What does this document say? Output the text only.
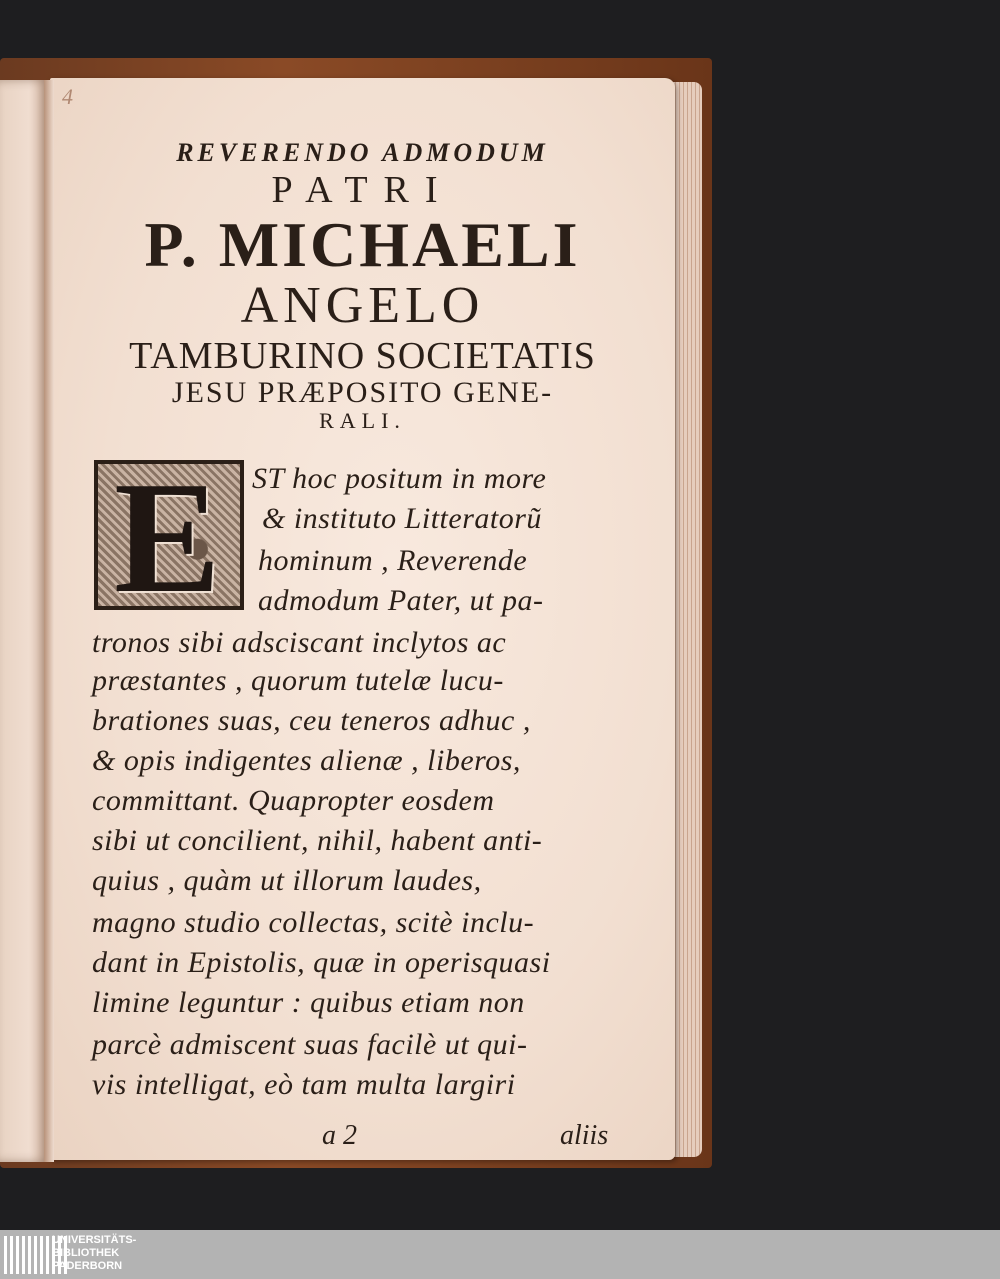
4
REVERENDO ADMODUM
PATRI
P. MICHAELI
ANGELO
TAMBURINO SOCIETATIS
JESU PRÆPOSITO GENE-
RALI.
E ST hoc positum in more
& instituto Litteratorũ
hominum , Reverende
admodum Pater, ut pa-
tronos sibi adsciscant inclytos ac
præstantes , quorum tutelæ lucu-
brationes suas, ceu teneros adhuc ,
& opis indigentes alienæ , liberos,
committant. Quapropter eosdem
sibi ut concilient, nihil, habent anti-
quius , quàm ut illorum laudes,
magno studio collectas, scitè inclu-
dant in Epistolis, quæ in operisquasi
limine leguntur : quibus etiam non
parcè admiscent suas facilè ut qui-
vis intelligat, eò tam multa largiri
a 2	aliis
UNIVERSITÄTS-
BIBLIOTHEK
PADERBORN
